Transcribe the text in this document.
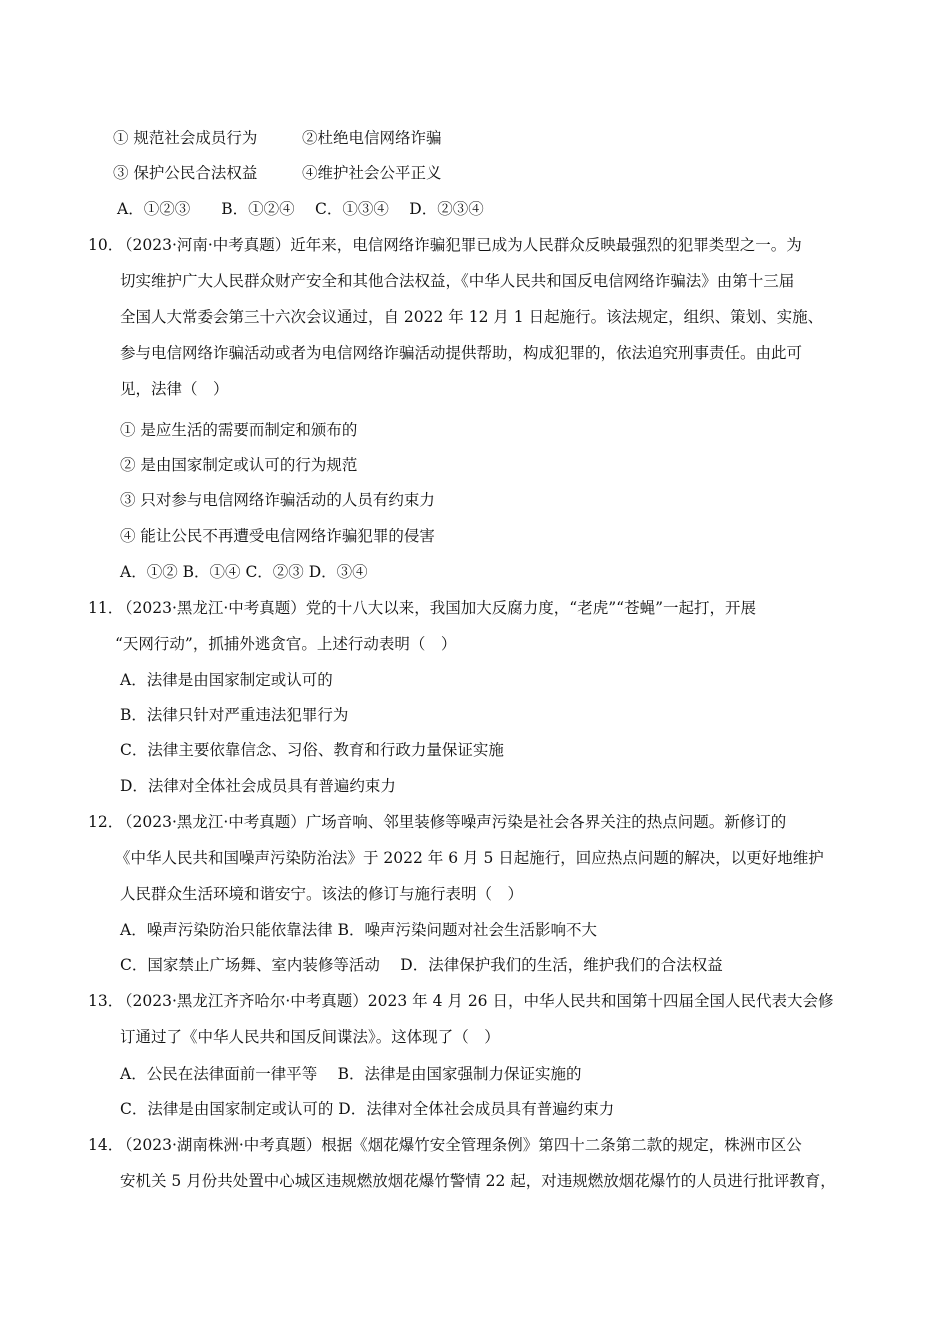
① 规范社会成员行为	②杜绝电信网络诈骗
③ 保护公民合法权益	④维护社会公平正义
A．①②③　　B．①②④　 C．①③④　 D．②③④
10．
（2023·河南·中考真题）近年来，电信网络诈骗犯罪已成为人民群众反映最强烈的犯罪类型之一。为
切实维护广大人民群众财产安全和其他合法权益，《中华人民共和国反电信网络诈骗法》由第十三届
全国人大常委会第三十六次会议通过，自 2022 年 12 月 1 日起施行。该法规定，组织、策划、实施、
参与电信网络诈骗活动或者为电信网络诈骗活动提供帮助，构成犯罪的，依法追究刑事责任。由此可
见，法律（　）
① 是应生活的需要而制定和颁布的
② 是由国家制定或认可的行为规范
③ 只对参与电信网络诈骗活动的人员有约束力
④ 能让公民不再遭受电信网络诈骗犯罪的侵害
A．①② B．①④ C．②③ D．③④
11．
（2023·黑龙江·中考真题）党的十八大以来，我国加大反腐力度，“老虎”“苍蝇”一起打，开展
“天网行动”，抓捕外逃贪官。上述行动表明（　）
A．法律是由国家制定或认可的
B．法律只针对严重违法犯罪行为
C．法律主要依靠信念、习俗、教育和行政力量保证实施
D．法律对全体社会成员具有普遍约束力
12．
（2023·黑龙江·中考真题）广场音响、邻里装修等噪声污染是社会各界关注的热点问题。新修订的
《中华人民共和国噪声污染防治法》于 2022 年 6 月 5 日起施行，回应热点问题的解决，以更好地维护
人民群众生活环境和谐安宁。该法的修订与施行表明（　）
A．噪声污染防治只能依靠法律 B．噪声污染问题对社会生活影响不大
C．国家禁止广场舞、室内装修等活动　 D．法律保护我们的生活，维护我们的合法权益
13．
（2023·黑龙江齐齐哈尔·中考真题）2023 年 4 月 26 日，中华人民共和国第十四届全国人民代表大会修
订通过了《中华人民共和国反间谍法》。这体现了（　）
A．公民在法律面前一律平等　 B．法律是由国家强制力保证实施的
C．法律是由国家制定或认可的 D．法律对全体社会成员具有普遍约束力
14．
（2023·湖南株洲·中考真题）根据《烟花爆竹安全管理条例》第四十二条第二款的规定，株洲市区公
安机关 5 月份共处置中心城区违规燃放烟花爆竹警情 22 起，对违规燃放烟花爆竹的人员进行批评教育，
